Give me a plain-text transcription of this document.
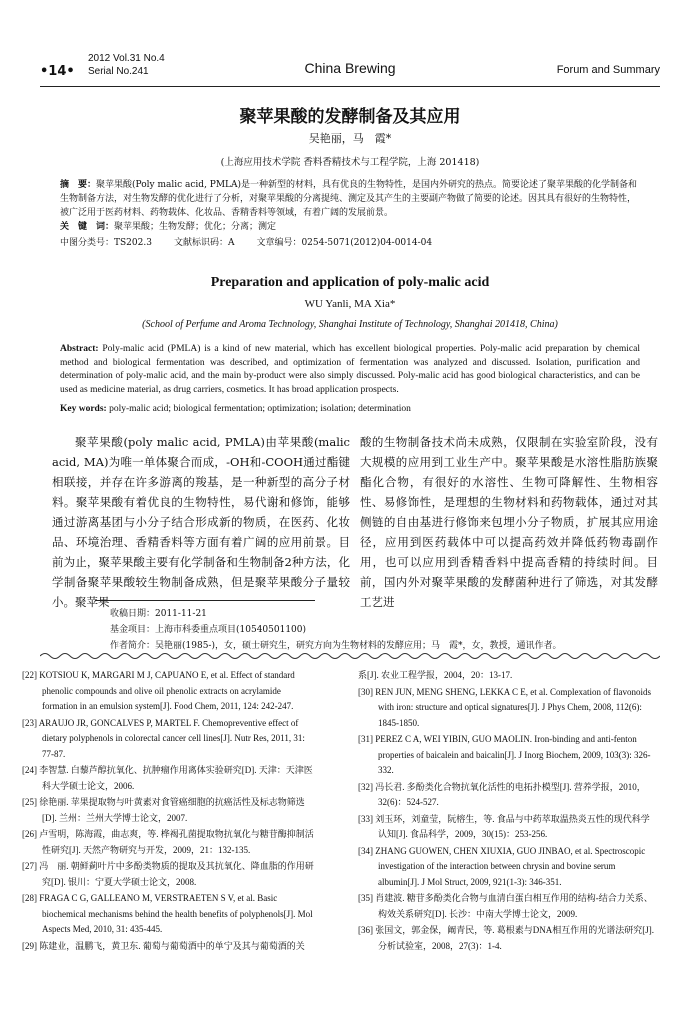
•14•
2012 Vol.31 No.4
Serial No.241	China Brewing	Forum and Summary
聚苹果酸的发酵制备及其应用
吴艳丽，马　霞*
(上海应用技术学院 香料香精技术与工程学院，上海 201418)
摘　要：聚苹果酸(Poly malic acid, PMLA)是一种新型的材料，具有优良的生物特性，是国内外研究的热点。简要论述了聚苹果酸的化学制备和生物制备方法，对生物发酵的优化进行了分析，对聚苹果酸的分离提纯、测定及其产生的主要副产物做了简要的论述。因其具有很好的生物特性，被广泛用于医药材料、药物载体、化妆品、香精香料等领域，有着广阔的发展前景。
关　键　词：聚苹果酸；生物发酵；优化；分离；测定
中图分类号：TS202.3 文献标识码：A 文章编号：0254-5071(2012)04-0014-04
Preparation and application of poly-malic acid
WU Yanli, MA Xia*
(School of Perfume and Aroma Technology, Shanghai Institute of Technology, Shanghai 201418, China)
Abstract: Poly-malic acid (PMLA) is a kind of new material, which has excellent biological properties. Poly-malic acid preparation by chemical method and biological fermentation was described, and optimization of fermentation was analyzed and discussed. Isolation, purification and determination of poly-malic acid, and the main by-product were also simply discussed. Poly-malic acid has good biological characteristics, and can be used as medicine material, as drug carriers, cosmetics. It has broad application prospects.
Key words: poly-malic acid; biological fermentation; optimization; isolation; determination
聚苹果酸(poly malic acid, PMLA)由苹果酸(malic acid, MA)为唯一单体聚合而成，-OH和-COOH通过酯键相联接，并存在许多游离的羧基，是一种新型的高分子材料。聚苹果酸有着优良的生物特性，易代谢和修饰，能够通过游离基团与小分子结合形成新的物质，在医药、化妆品、环境治理、香精香料等方面有着广阔的应用前景。目前为止，聚苹果酸主要有化学制备和生物制备2种方法，化学制备聚苹果酸较生物制备成熟，但是聚苹果酸分子量较小。聚苹果
酸的生物制备技术尚未成熟，仅限制在实验室阶段，没有大规模的应用到工业生产中。聚苹果酸是水溶性脂肪族聚酯化合物，有很好的水溶性、生物可降解性、生物相容性、易修饰性，是理想的生物材料和药物载体，通过对其侧链的自由基进行修饰来包埋小分子物质，扩展其应用途径，应用到医药载体中可以提高药效并降低药物毒副作用，也可以应用到香精香料中提高香精的持续时间。目前，国内外对聚苹果酸的发酵菌种进行了筛选，对其发酵工艺进
收稿日期：2011-11-21
基金项目：上海市科委重点项目(10540501100)
作者简介：吴艳丽(1985-)，女，硕士研究生，研究方向为生物材料的发酵应用；马　霞*，女，教授，通讯作者。
[22] KOTSIOU K, MARGARI M J, CAPUANO E, et al. Effect of standard phenolic compounds and olive oil phenolic extracts on acrylamide formation in an emulsion system[J]. Food Chem, 2011, 124: 242-247.
[23] ARAUJO JR, GONCALVES P, MARTEL F. Chemopreventive effect of dietary polyphenols in colorectal cancer cell lines[J]. Nutr Res, 2011, 31: 77-87.
[24] 李智慧. 白藜芦醇抗氧化、抗肿瘤作用离体实验研究[D]. 天津：天津医科大学硕士论文，2006.
[25] 徐艳丽. 苹果提取物与叶黄素对食管癌细胞的抗癌活性及标志物筛选[D]. 兰州：兰州大学博士论文，2007.
[26] 卢雪明，陈海霞，曲志爽，等. 桦褐孔菌提取物抗氧化与糖苷酶抑制活性研究[J]. 天然产物研究与开发，2009，21：132-135.
[27] 冯　丽. 朝鲜蓟叶片中多酚类物质的提取及其抗氧化、降血脂的作用研究[D]. 银川：宁夏大学硕士论文，2008.
[28] FRAGA C G, GALLEANO M, VERSTRAETEN S V, et al. Basic biochemical mechanisms behind the health benefits of polyphenols[J]. Mol Aspects Med, 2010, 31: 435-445.
[29] 陈建业，温鹏飞，黄卫东. 葡萄与葡萄酒中的单宁及其与葡萄酒的关
系[J]. 农业工程学报，2004，20：13-17.
[30] REN JUN, MENG SHENG, LEKKA C E, et al. Complexation of flavonoids with iron: structure and optical signatures[J]. J Phys Chem, 2008, 112(6): 1845-1850.
[31] PEREZ C A, WEI YIBIN, GUO MAOLIN. Iron-binding and anti-fenton properties of baicalein and baicalin[J]. J Inorg Biochem, 2009, 103(3): 326-332.
[32] 冯长君. 多酚类化合物抗氧化活性的电拓扑模型[J]. 营养学报，2010，32(6)：524-527.
[33] 刘玉环，刘童莹，阮榕生，等. 食品与中药萃取温热炎五性的现代科学认知[J]. 食品科学，2009，30(15)：253-256.
[34] ZHANG GUOWEN, CHEN XIUXIA, GUO JINBAO, et al. Spectroscopic investigation of the interaction between chrysin and bovine serum albumin[J]. J Mol Struct, 2009, 921(1-3): 346-351.
[35] 肖建波. 糖苷多酚类化合物与血清白蛋白相互作用的结构-结合力关系、构效关系研究[D]. 长沙：中南大学博士论文，2009.
[36] 张国文，郭金保，阚青民，等. 葛根素与DNA相互作用的光谱法研究[J]. 分析试验室，2008，27(3)：1-4.
